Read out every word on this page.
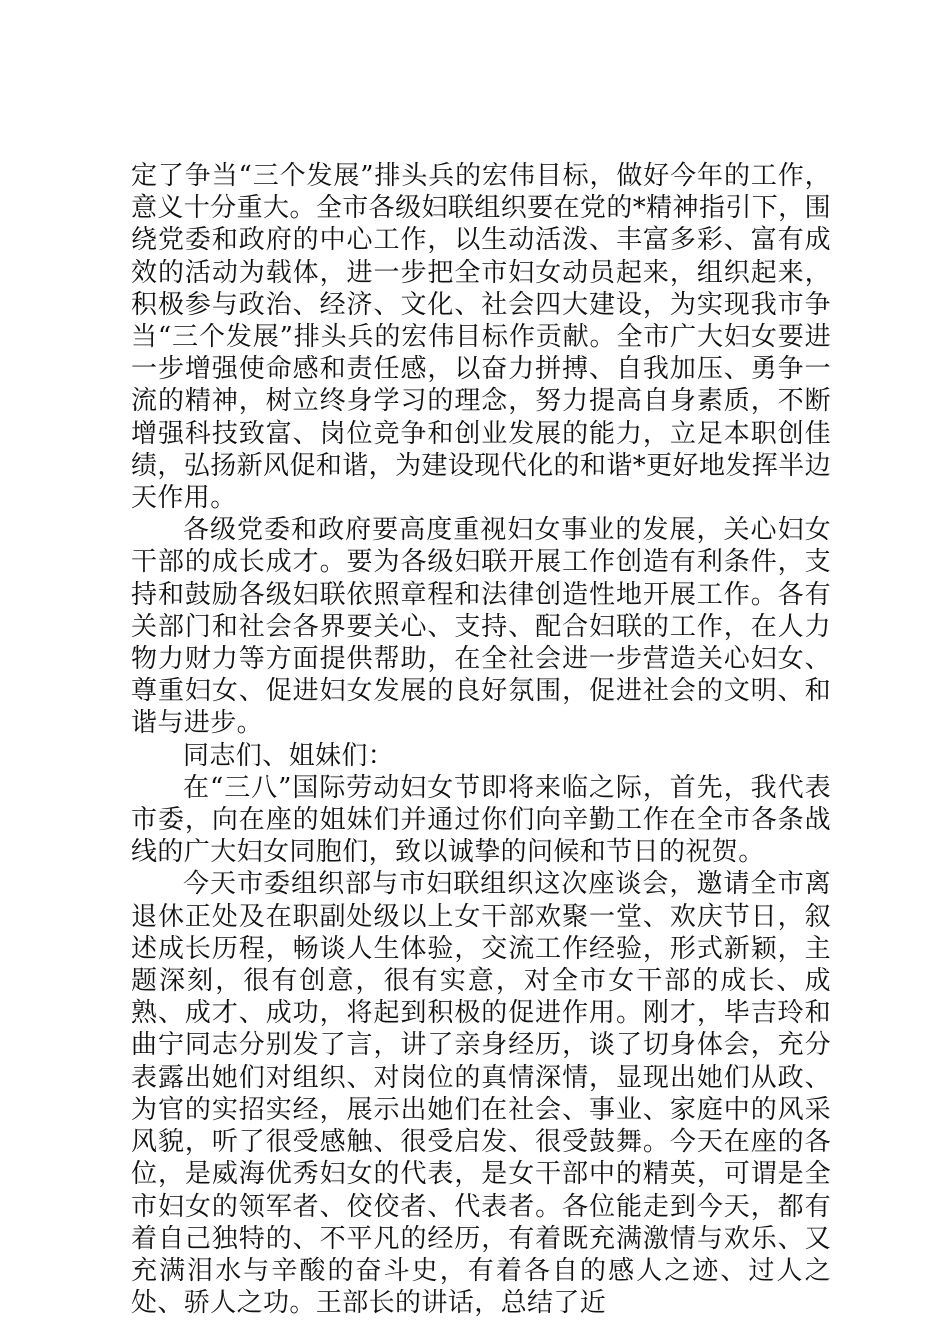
定了争当“三个发展”排头兵的宏伟目标，做好今年的工作，意义十分重大。全市各级妇联组织要在党的*精神指引下，围绕党委和政府的中心工作，以生动活泼、丰富多彩、富有成效的活动为载体，进一步把全市妇女动员起来，组织起来，积极参与政治、经济、文化、社会四大建设，为实现我市争当“三个发展”排头兵的宏伟目标作贡献。全市广大妇女要进一步增强使命感和责任感，以奋力拼搏、自我加压、勇争一流的精神，树立终身学习的理念，努力提高自身素质，不断增强科技致富、岗位竞争和创业发展的能力，立足本职创佳绩，弘扬新风促和谐，为建设现代化的和谐*更好地发挥半边天作用。

各级党委和政府要高度重视妇女事业的发展，关心妇女干部的成长成才。要为各级妇联开展工作创造有利条件，支持和鼓励各级妇联依照章程和法律创造性地开展工作。各有关部门和社会各界要关心、支持、配合妇联的工作，在人力物力财力等方面提供帮助，在全社会进一步营造关心妇女、尊重妇女、促进妇女发展的良好氛围，促进社会的文明、和谐与进步。

同志们、姐妹们：

在“三八”国际劳动妇女节即将来临之际，首先，我代表市委，向在座的姐妹们并通过你们向辛勤工作在全市各条战线的广大妇女同胞们，致以诚挚的问候和节日的祝贺。

今天市委组织部与市妇联组织这次座谈会，邀请全市离退休正处及在职副处级以上女干部欢聚一堂、欢庆节日，叙述成长历程，畅谈人生体验，交流工作经验，形式新颖，主题深刻，很有创意，很有实意，对全市女干部的成长、成熟、成才、成功，将起到积极的促进作用。刚才，毕吉玲和曲宁同志分别发了言，讲了亲身经历，谈了切身体会，充分表露出她们对组织、对岗位的真情深情，显现出她们从政、为官的实招实经，展示出她们在社会、事业、家庭中的风采风貌，听了很受感触、很受启发、很受鼓舞。今天在座的各位，是威海优秀妇女的代表，是女干部中的精英，可谓是全市妇女的领军者、佼佼者、代表者。各位能走到今天，都有着自己独特的、不平凡的经历，有着既充满激情与欢乐、又充满泪水与辛酸的奋斗史，有着各自的感人之迹、过人之处、骄人之功。王部长的讲话，总结了近
